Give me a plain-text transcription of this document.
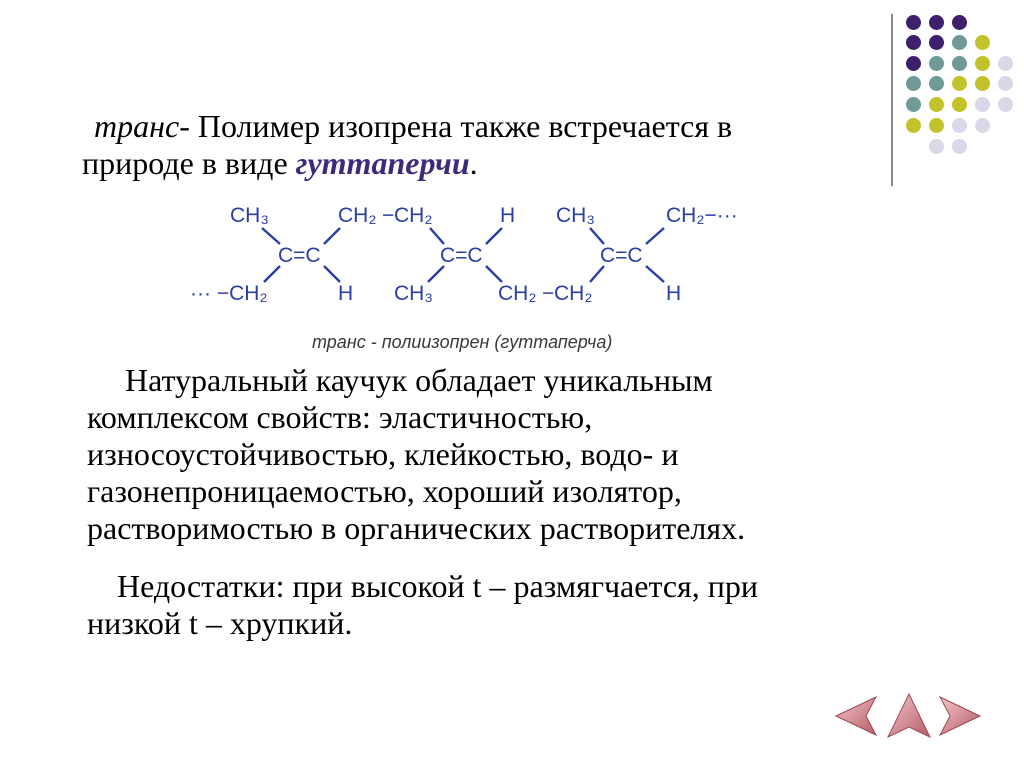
транс- Полимер изопрена также встречается в
природе в виде гуттаперчи.
CH₃
C=C
··· −CH₂	H
CH₂ − CH₂
C=C
H
CH₃	CH₂ − CH₂
CH₃
C=C
CH₂−···
H
транс - полиизопрен (гуттаперча)
Натуральный каучук обладает уникальным
комплексом свойств: эластичностью,
износоустойчивостью, клейкостью, водо- и
газонепроницаемостью, хороший изолятор,
растворимостью в органических растворителях.
Недостатки: при высокой t – размягчается, при
низкой t – хрупкий.
